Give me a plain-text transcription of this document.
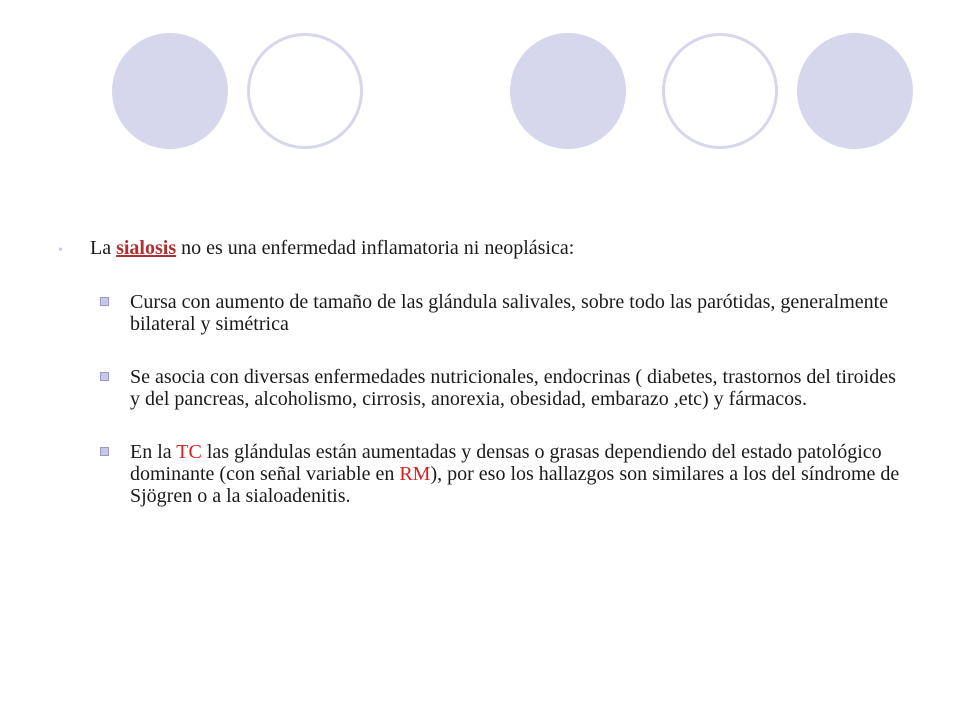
• La sialosis no es una enfermedad inflamatoria ni neoplásica:
Cursa con aumento de tamaño de las glándula salivales, sobre todo las parótidas, generalmente bilateral y simétrica
Se asocia con diversas enfermedades nutricionales, endocrinas ( diabetes, trastornos del tiroides y del pancreas, alcoholismo, cirrosis, anorexia, obesidad, embarazo ,etc) y fármacos.
En la TC las glándulas están aumentadas y densas o grasas dependiendo del estado patológico dominante (con señal variable en RM), por eso los hallazgos son similares a los del síndrome de Sjögren o a la sialoadenitis.
